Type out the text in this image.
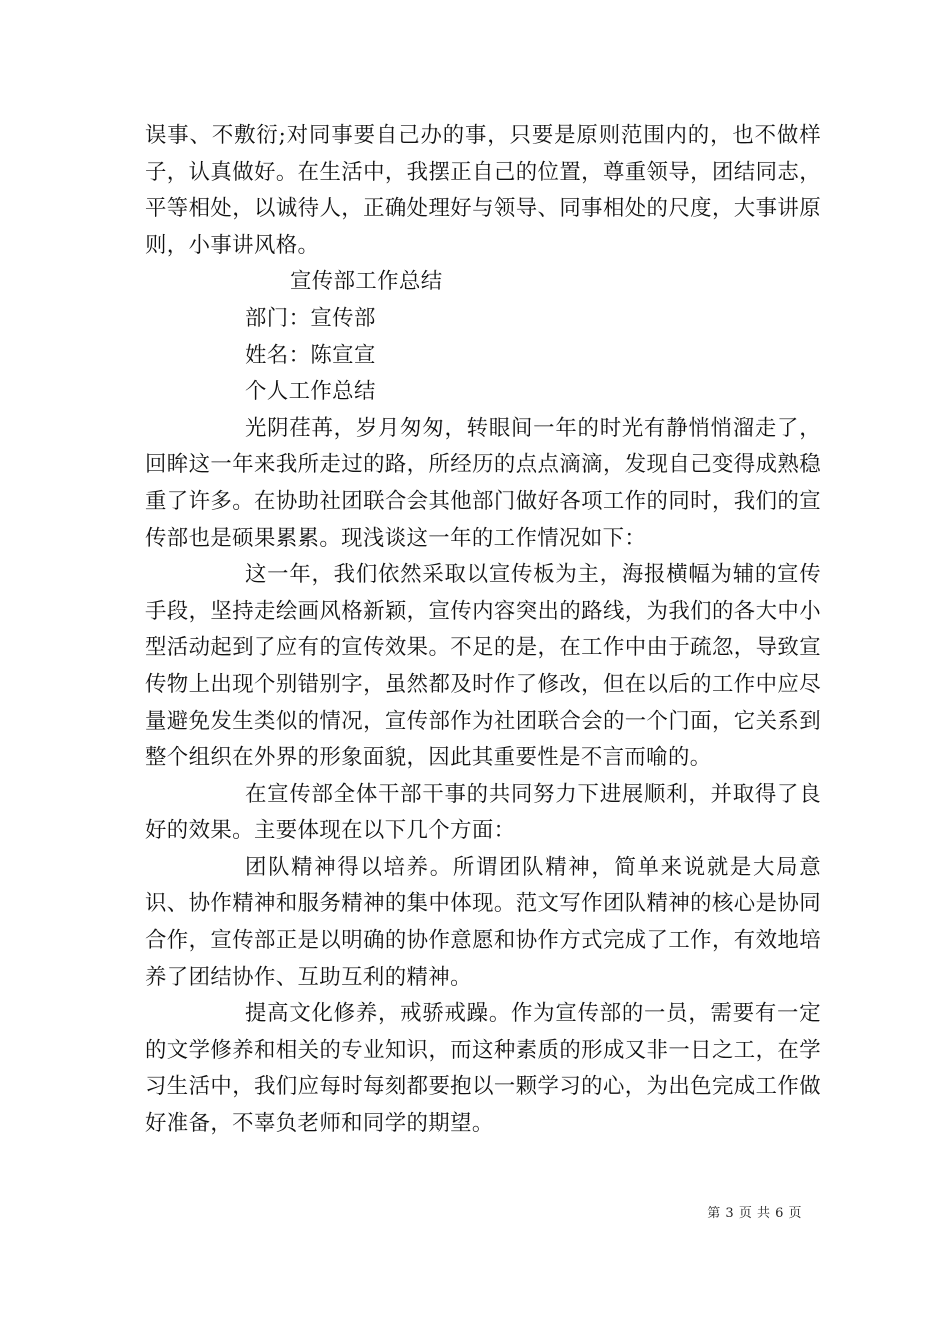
误事、不敷衍;对同事要自己办的事，只要是原则范围内的，也不做样子，认真做好。在生活中，我摆正自己的位置，尊重领导，团结同志，平等相处，以诚待人，正确处理好与领导、同事相处的尺度，大事讲原则，小事讲风格。

宣传部工作总结

部门：宣传部

姓名：陈宣宣

个人工作总结

光阴荏苒，岁月匆匆，转眼间一年的时光有静悄悄溜走了，回眸这一年来我所走过的路，所经历的点点滴滴，发现自己变得成熟稳重了许多。在协助社团联合会其他部门做好各项工作的同时，我们的宣传部也是硕果累累。现浅谈这一年的工作情况如下：

这一年，我们依然采取以宣传板为主，海报横幅为辅的宣传手段，坚持走绘画风格新颖，宣传内容突出的路线，为我们的各大中小型活动起到了应有的宣传效果。不足的是，在工作中由于疏忽，导致宣传物上出现个别错别字，虽然都及时作了修改，但在以后的工作中应尽量避免发生类似的情况，宣传部作为社团联合会的一个门面，它关系到整个组织在外界的形象面貌，因此其重要性是不言而喻的。

在宣传部全体干部干事的共同努力下进展顺利，并取得了良好的效果。主要体现在以下几个方面：

团队精神得以培养。所谓团队精神，简单来说就是大局意识、协作精神和服务精神的集中体现。范文写作团队精神的核心是协同合作，宣传部正是以明确的协作意愿和协作方式完成了工作，有效地培养了团结协作、互助互利的精神。

提高文化修养，戒骄戒躁。作为宣传部的一员，需要有一定的文学修养和相关的专业知识，而这种素质的形成又非一日之工，在学习生活中，我们应每时每刻都要抱以一颗学习的心，为出色完成工作做好准备，不辜负老师和同学的期望。

第 3 页 共 6 页
